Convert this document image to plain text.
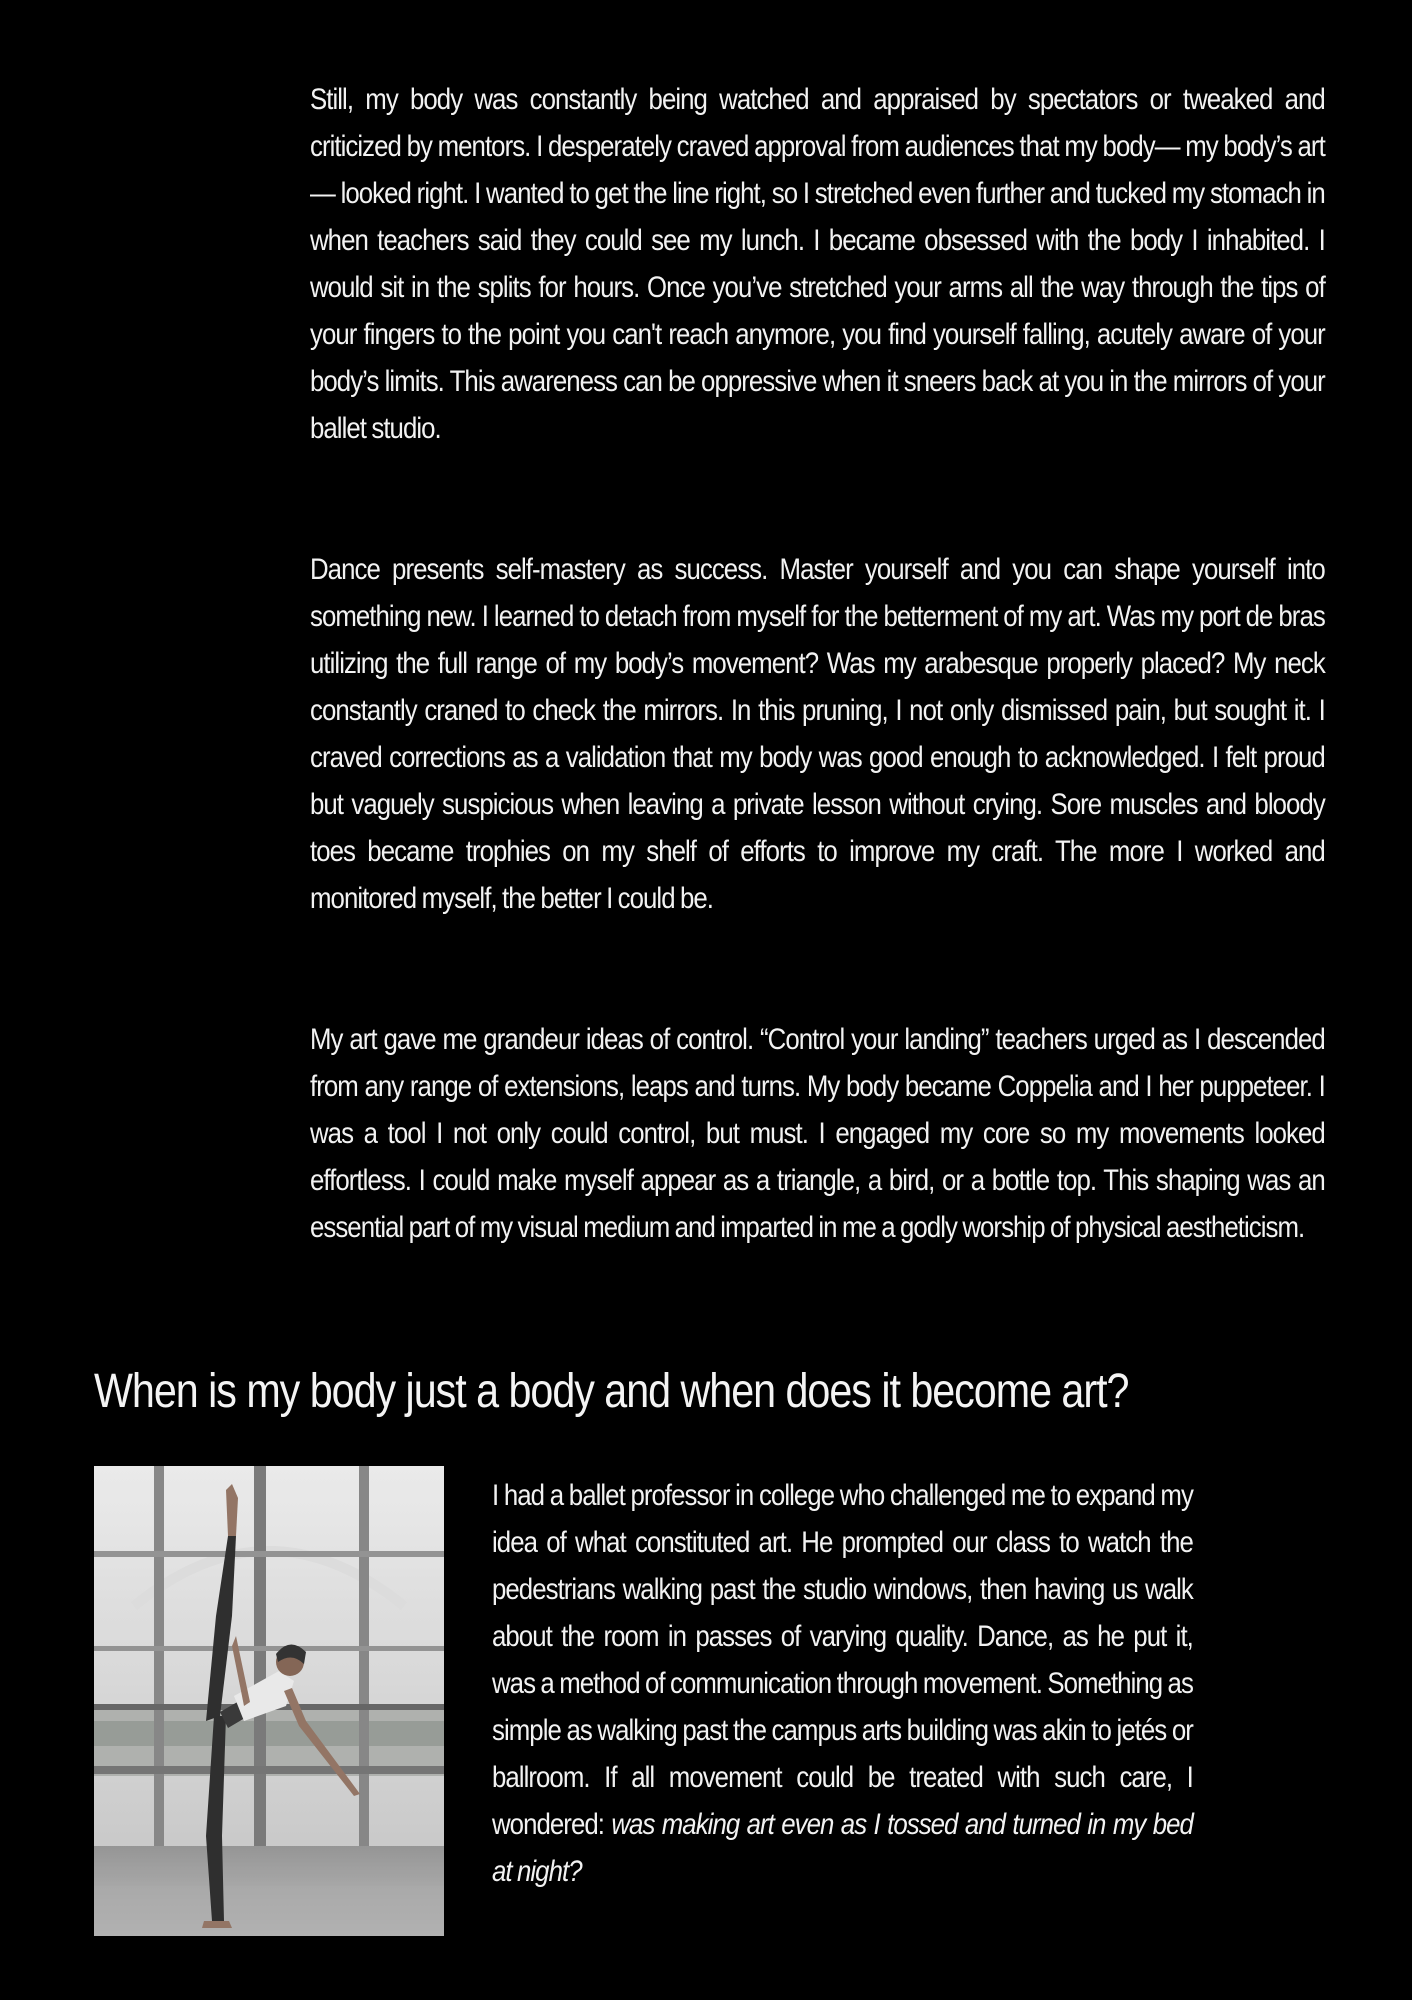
Still, my body was constantly being watched and appraised by spectators or tweaked and criticized by mentors. I desperately craved approval from audiences that my body— my body’s art— looked right. I wanted to get the line right, so I stretched even further and tucked my stomach in when teachers said they could see my lunch. I became obsessed with the body I inhabited. I would sit in the splits for hours. Once you’ve stretched your arms all the way through the tips of your fingers to the point you can't reach anymore, you find yourself falling, acutely aware of your body’s limits. This awareness can be oppressive when it sneers back at you in the mirrors of your ballet studio.

Dance presents self-mastery as success. Master yourself and you can shape yourself into something new. I learned to detach from myself for the betterment of my art. Was my port de bras utilizing the full range of my body’s movement? Was my arabesque properly placed? My neck constantly craned to check the mirrors. In this pruning, I not only dismissed pain, but sought it. I craved corrections as a validation that my body was good enough to acknowledged. I felt proud but vaguely suspicious when leaving a private lesson without crying. Sore muscles and bloody toes became trophies on my shelf of efforts to improve my craft. The more I worked and monitored myself, the better I could be.

My art gave me grandeur ideas of control. “Control your landing” teachers urged as I descended from any range of extensions, leaps and turns. My body became Coppelia and I her puppeteer. I was a tool I not only could control, but must. I engaged my core so my movements looked effortless. I could make myself appear as a triangle, a bird, or a bottle top. This shaping was an essential part of my visual medium and imparted in me a godly worship of physical aestheticism.

When is my body just a body and when does it become art?

I had a ballet professor in college who challenged me to expand my idea of what constituted art. He prompted our class to watch the pedestrians walking past the studio windows, then having us walk about the room in passes of varying quality. Dance, as he put it, was a method of communication through movement. Something as simple as walking past the campus arts building was akin to jetés or ballroom. If all movement could be treated with such care, I wondered: was making art even as I tossed and turned in my bed at night?
